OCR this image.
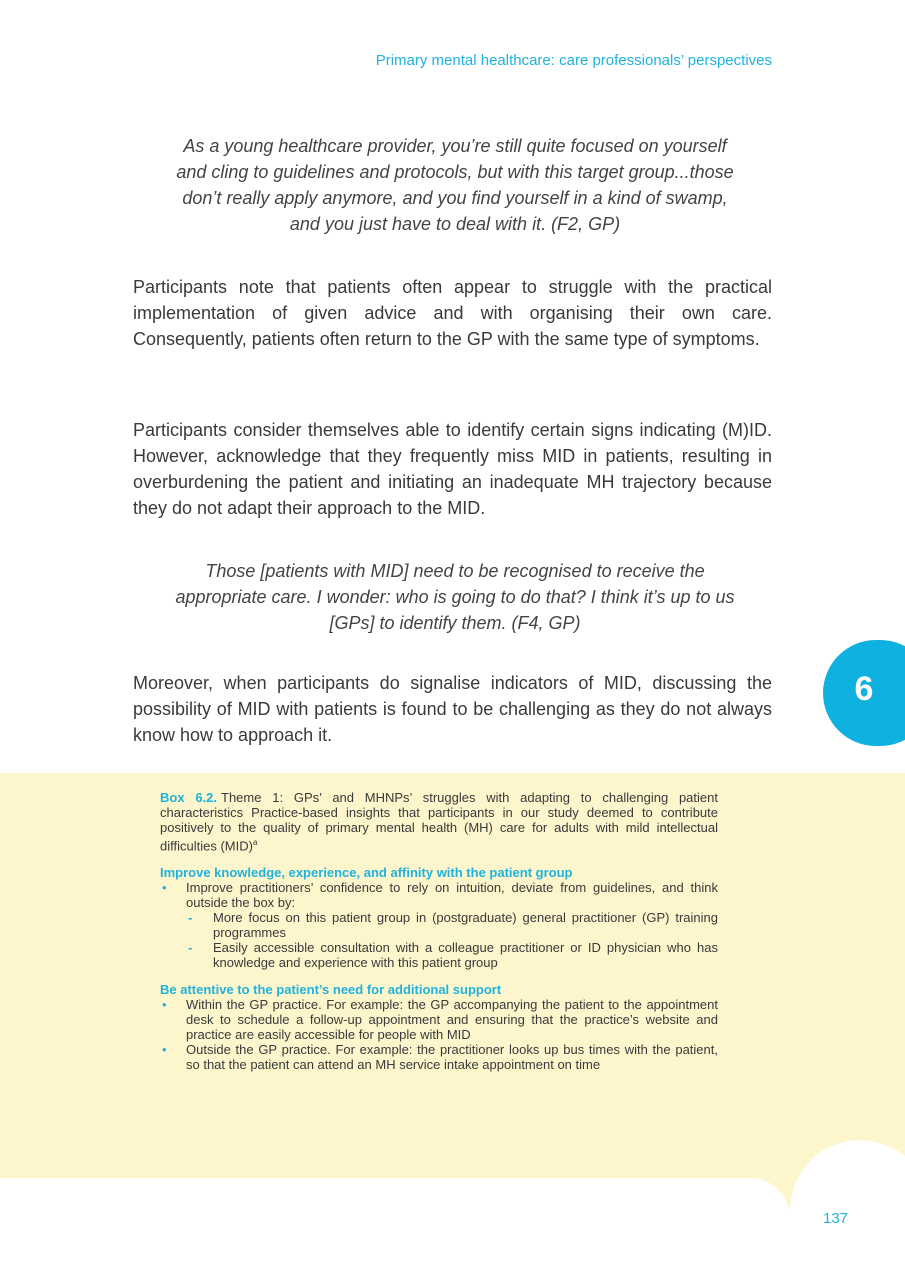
Primary mental healthcare: care professionals’ perspectives
As a young healthcare provider, you’re still quite focused on yourself and cling to guidelines and protocols, but with this target group...those don’t really apply anymore, and you find yourself in a kind of swamp, and you just have to deal with it. (F2, GP)
Participants note that patients often appear to struggle with the practical implementation of given advice and with organising their own care. Consequently, patients often return to the GP with the same type of symptoms.
Participants consider themselves able to identify certain signs indicating (M)ID. However, acknowledge that they frequently miss MID in patients, resulting in overburdening the patient and initiating an inadequate MH trajectory because they do not adapt their approach to the MID.
Those [patients with MID] need to be recognised to receive the appropriate care. I wonder: who is going to do that? I think it’s up to us [GPs] to identify them. (F4, GP)
Moreover, when participants do signalise indicators of MID, discussing the possibility of MID with patients is found to be challenging as they do not always know how to approach it.
6

Box 6.2. Theme 1: GPs’ and MHNPs’ struggles with adapting to challenging patient characteristics Practice-based insights that participants in our study deemed to contribute positively to the quality of primary mental health (MH) care for adults with mild intellectual difficulties (MID)$^a$

Improve knowledge, experience, and affinity with the patient group

• Improve practitioners’ confidence to rely on intuition, deviate from guidelines, and think outside the box by:
- More focus on this patient group in (postgraduate) general practitioner (GP) training programmes
- Easily accessible consultation with a colleague practitioner or ID physician who has knowledge and experience with this patient group

Be attentive to the patient’s need for additional support

• Within the GP practice. For example: the GP accompanying the patient to the appointment desk to schedule a follow-up appointment and ensuring that the practice’s website and practice are easily accessible for people with MID
• Outside the GP practice. For example: the practitioner looks up bus times with the patient, so that the patient can attend an MH service intake appointment on time
137
